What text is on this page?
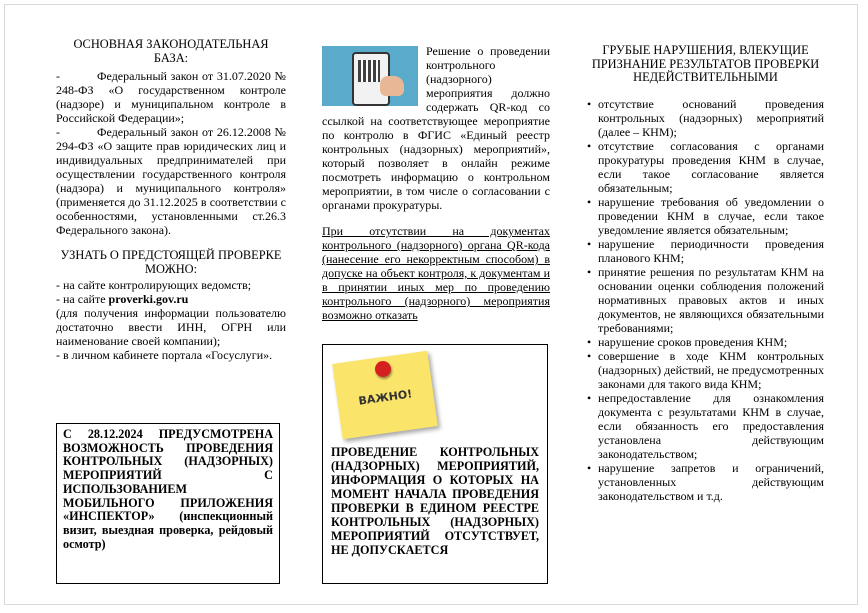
ОСНОВНАЯ ЗАКОНОДАТЕЛЬНАЯ БАЗА:

-          Федеральный закон от 31.07.2020 № 248-ФЗ «О государственном контроле (надзоре) и муниципальном контроле в Российской Федерации»;

-          Федеральный закон от 26.12.2008 № 294-ФЗ «О защите прав юридических лиц и индивидуальных предпринимателей при осуществлении государственного контроля (надзора) и муниципального контроля» (применяется до 31.12.2025 в соответствии с особенностями, установленными ст.26.3 Федерального закона).

УЗНАТЬ О ПРЕДСТОЯЩЕЙ ПРОВЕРКЕ МОЖНО:

- на сайте контролирующих ведомств;

- на сайте proverki.gov.ru

(для получения информации пользователю достаточно ввести ИНН, ОГРН или наименование своей компании);

- в личном кабинете портала «Госуслуги».

С 28.12.2024 ПРЕДУСМОТРЕНА ВОЗМОЖНОСТЬ ПРОВЕДЕНИЯ КОНТРОЛЬНЫХ (НАДЗОРНЫХ) МЕРОПРИЯТИЙ С ИСПОЛЬЗОВАНИЕМ МОБИЛЬНОГО ПРИЛОЖЕНИЯ «ИНСПЕКТОР» (инспекционный визит, выездная проверка, рейдовый осмотр)

Решение о проведении контрольного (надзорного) мероприятия должно содержать QR-код со ссылкой на соответствующее мероприятие по контролю в ФГИС «Единый реестр контрольных (надзорных) мероприятий», который позволяет в онлайн режиме посмотреть информацию о контрольном мероприятии, в том числе о согласовании с органами прокуратуры.

При отсутствии на документах контрольного (надзорного) органа QR-кода (нанесение его некорректным способом) в допуске на объект контроля, к документам и в принятии иных мер по проведению контрольного (надзорного) мероприятия возможно отказать

ВАЖНО!
ПРОВЕДЕНИЕ КОНТРОЛЬНЫХ (НАДЗОРНЫХ) МЕРОПРИЯТИЙ, ИНФОРМАЦИЯ О КОТОРЫХ НА МОМЕНТ НАЧАЛА ПРОВЕДЕНИЯ ПРОВЕРКИ В ЕДИНОМ РЕЕСТРЕ КОНТРОЛЬНЫХ (НАДЗОРНЫХ) МЕРОПРИЯТИЙ ОТСУТСТВУЕТ, НЕ ДОПУСКАЕТСЯ
ГРУБЫЕ НАРУШЕНИЯ, ВЛЕКУЩИЕ ПРИЗНАНИЕ РЕЗУЛЬТАТОВ ПРОВЕРКИ НЕДЕЙСТВИТЕЛЬНЫМИ
• отсутствие оснований проведения контрольных (надзорных) мероприятий (далее – КНМ);
• отсутствие согласования с органами прокуратуры проведения КНМ в случае, если такое согласование является обязательным;
• нарушение требования об уведомлении о проведении КНМ в случае, если такое уведомление является обязательным;
• нарушение периодичности проведения планового КНМ;
• принятие решения по результатам КНМ на основании оценки соблюдения положений нормативных правовых актов и иных документов, не являющихся обязательными требованиями;
• нарушение сроков проведения КНМ;
• совершение в ходе КНМ контрольных (надзорных) действий, не предусмотренных законами для такого вида КНМ;
• непредоставление для ознакомления документа с результатами КНМ в случае, если обязанность его предоставления установлена действующим законодательством;
• нарушение запретов и ограничений, установленных действующим законодательством и т.д.
